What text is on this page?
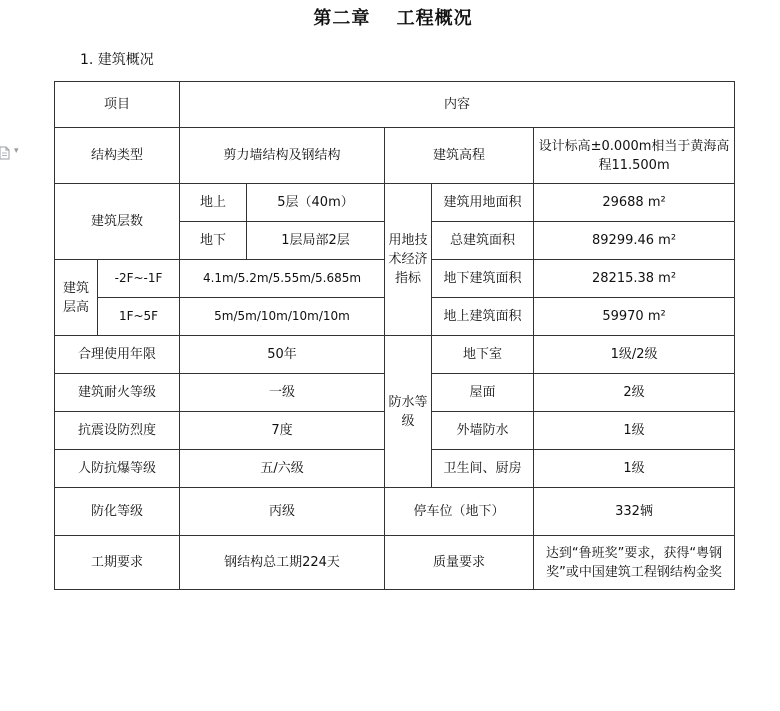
第二章　 工程概况
1. 建筑概况
▾
项目		内容				
结构类型		剪力墙结构及钢结构		建筑高程		设计标高±0.000m相当于黄海高程11.500m
建筑层数		地上	5层（40m）	用地技术经济指标	建筑用地面积	29688 m²
		地下	1层局部2层		总建筑面积	89299.46 m²
建筑层高	-2F~-1F	4.1m/5.2m/5.55m/5.685m			地下建筑面积	28215.38 m²
	1F~5F	5m/5m/10m/10m/10m			地上建筑面积	59970 m²
合理使用年限		50年		防水等级	地下室	1级/2级
建筑耐火等级		一级			屋面	2级
抗震设防烈度		7度			外墙防水	1级
人防抗爆等级		五/六级			卫生间、厨房	1级
防化等级		丙级		停车位（地下）		332辆
工期要求		钢结构总工期224天		质量要求		达到“鲁班奖”要求，获得“粤钢奖”或中国建筑工程钢结构金奖
